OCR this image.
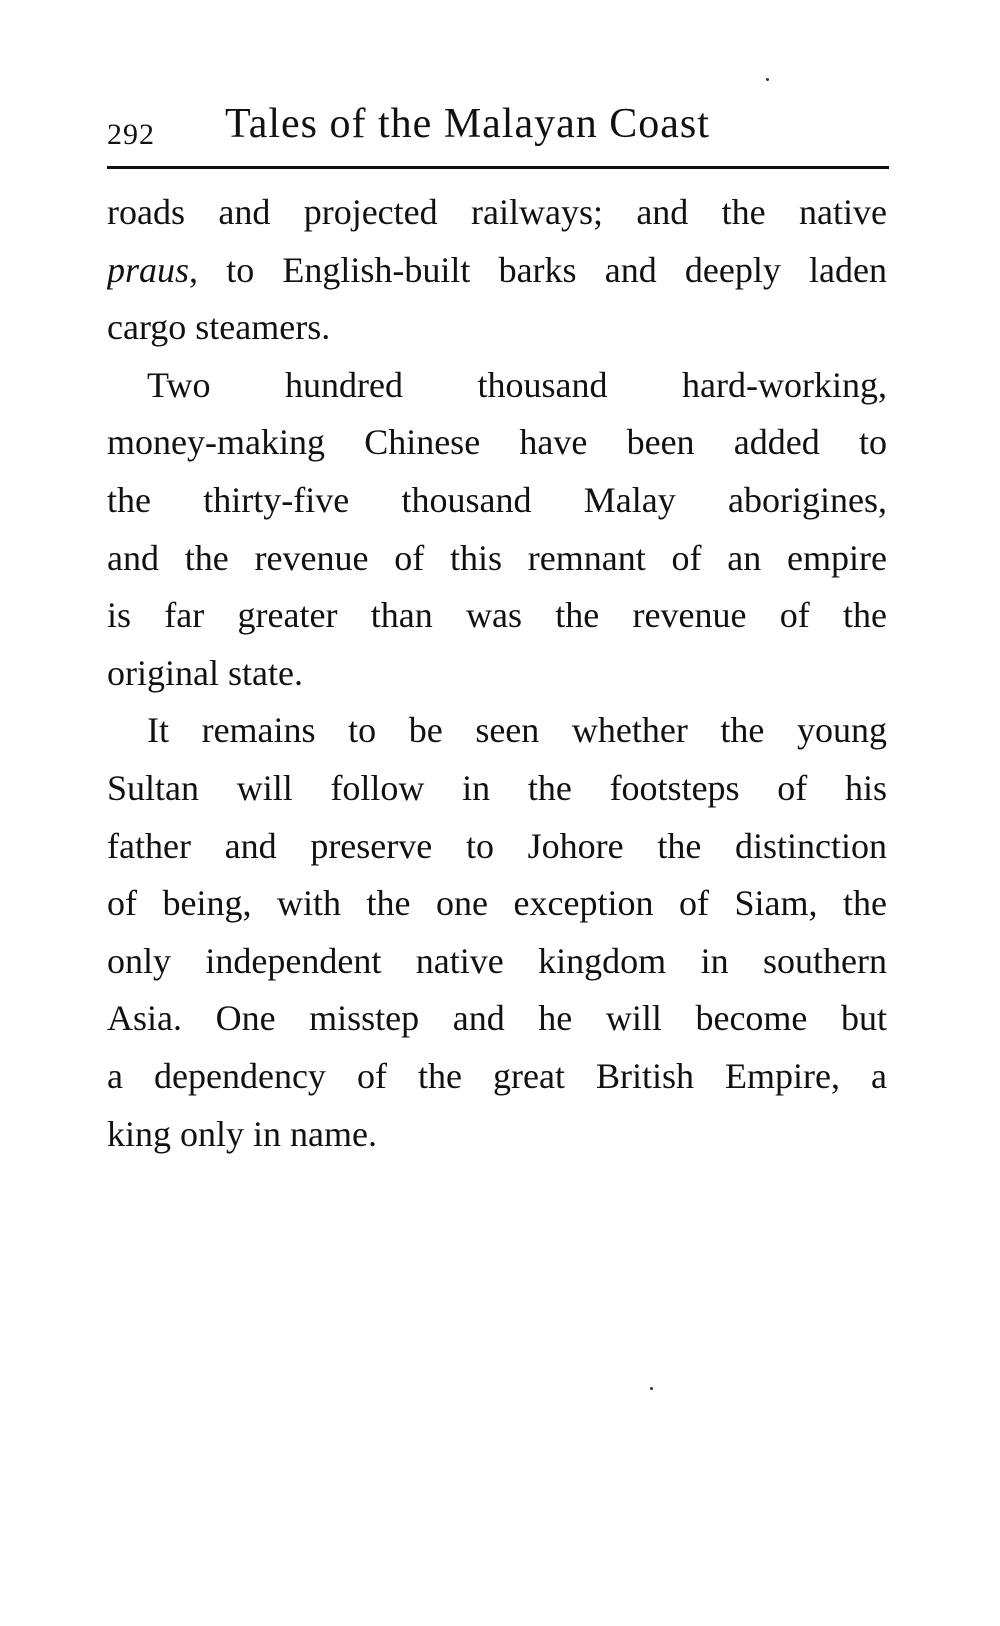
292 Tales of the Malayan Coast
roads and projected railways; and the native
praus, to English-built barks and deeply laden
cargo steamers.
Two hundred thousand hard-working,
money-making Chinese have been added to
the thirty-five thousand Malay aborigines,
and the revenue of this remnant of an empire
is far greater than was the revenue of the
original state.
It remains to be seen whether the young
Sultan will follow in the footsteps of his
father and preserve to Johore the distinction
of being, with the one exception of Siam, the
only independent native kingdom in southern
Asia. One misstep and he will become but
a dependency of the great British Empire, a
king only in name.
